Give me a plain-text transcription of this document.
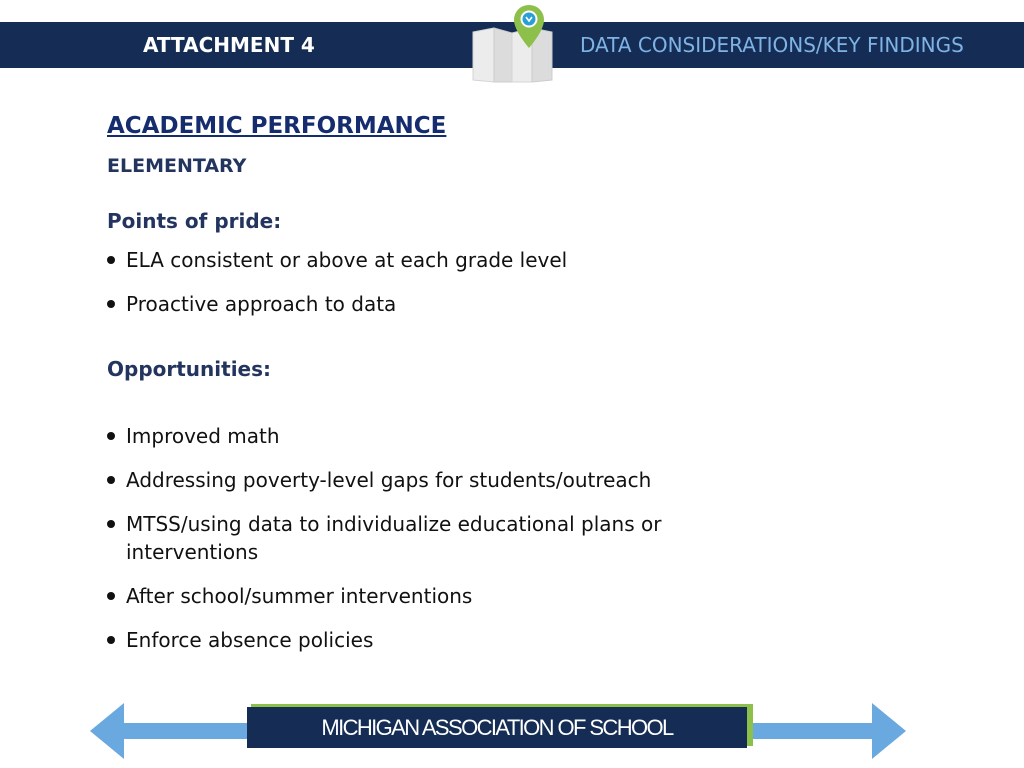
ATTACHMENT 4	DATA CONSIDERATIONS/KEY FINDINGS
ACADEMIC PERFORMANCE
ELEMENTARY
Points of pride:
ELA consistent or above at each grade level
Proactive approach to data
Opportunities:
Improved math
Addressing poverty-level gaps for students/outreach
MTSS/using data to individualize educational plans or interventions
After school/summer interventions
Enforce absence policies
MICHIGAN ASSOCIATION OF SCHOOL
